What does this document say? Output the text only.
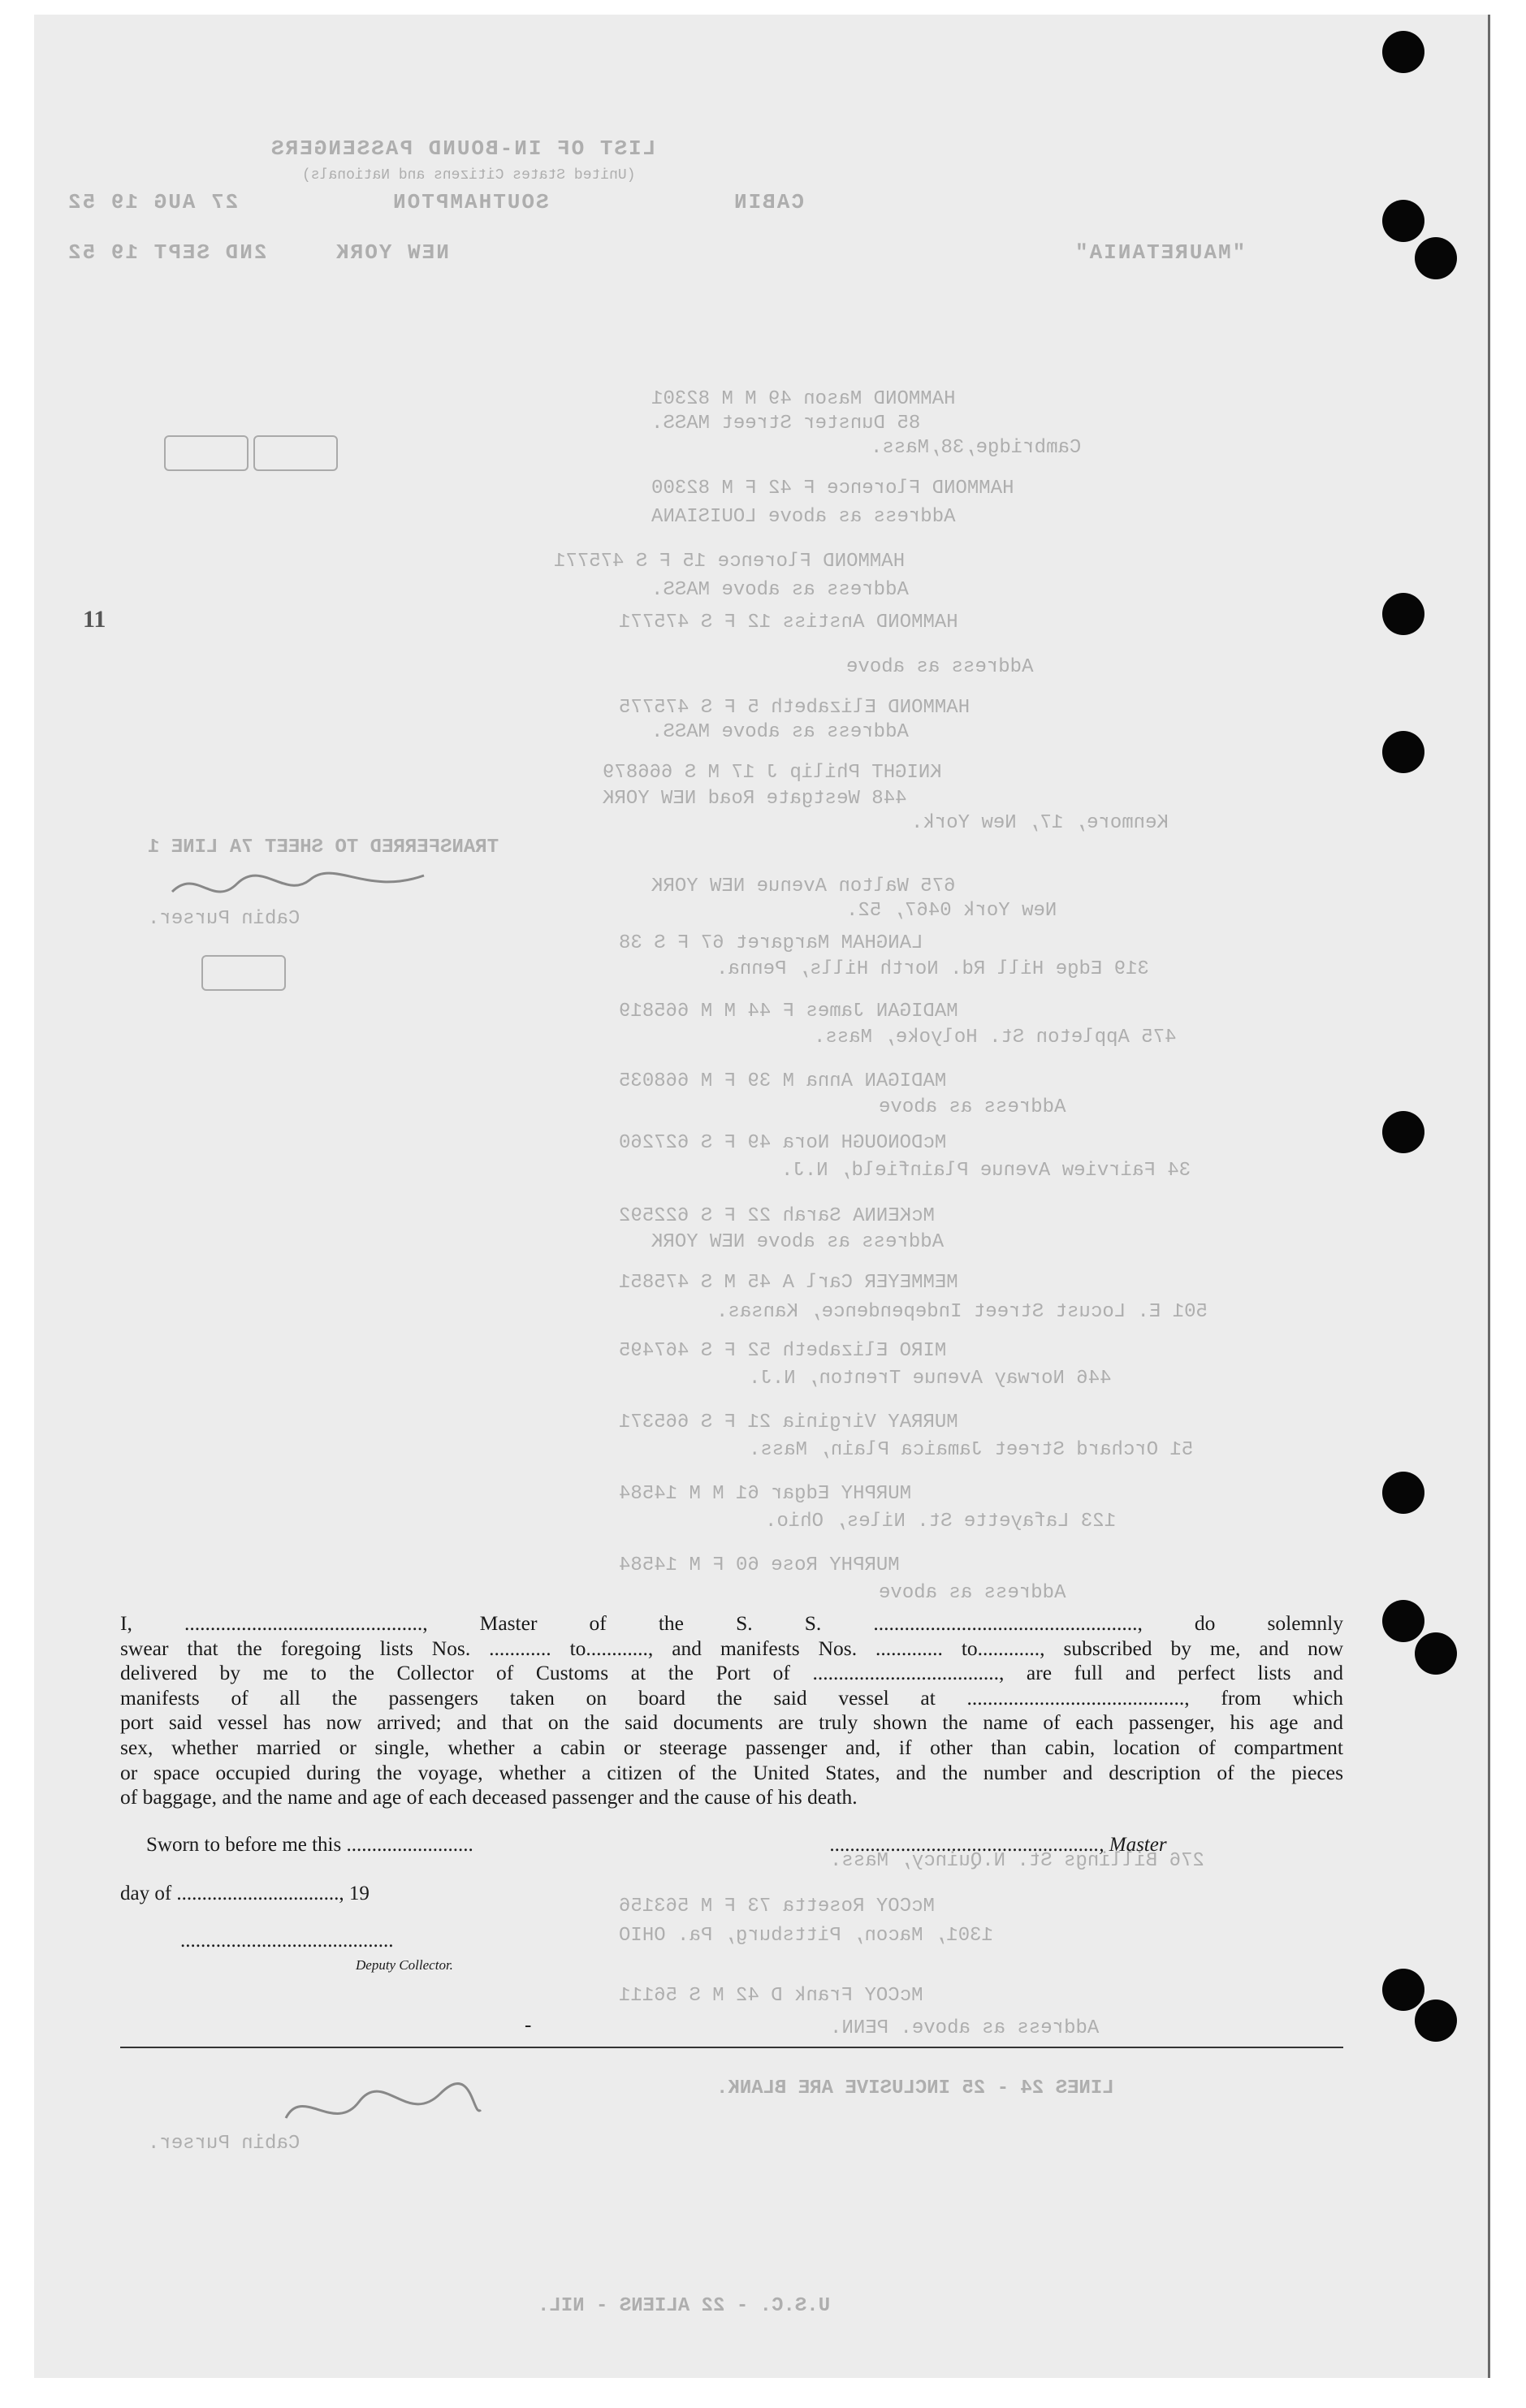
LIST OF IN-BOUND PASSENGERS
(United States Citizens and Nationals)
CABIN
SOUTHAMPTON
27 AUG 19 52
NEW YORK
2ND SEPT 19 52	"MAURETANIA"
HAMMOND Mason 49 M M 82301
85 Dunster Street MASS.
Cambridge,38,Mass.
HAMMOND Florence F 42 F M 82300
Address as above LOUISIANA
HAMMOND Florence 15 F S 475771
Address as above MASS.
HAMMOND Anstiss 12 F S 475771
Address as above
HAMMOND Elizabeth 5 F S 475775
Address as above MASS.
KNIGHT Philip J 17 M S 666879
448 Westgate Road NEW YORK
Kenmore, 17, New York.
TRANSFERRED TO SHEET 7A LINE 1
675 Walton Avenue NEW YORK
New York 0467, 52.
LANGHAM Margaret 67 F S 38
319 Edge Hill Rd. North Hills, Penna.
MADIGAN James F 44 M M 665819
475 Appleton St. Holyoke, Mass.
MADIGAN Anna M 39 F M 668035
Address as above
McDONOUGH Nora 49 F S 627260
34 Fairview Avenue Plainfield, N.J.
McKENNA Sarah 22 F S 622592
Address as above NEW YORK
MEMMEYER Carl A 45 M S 475851
501 E. Locust Street Independence, Kansas.
MIRO Elizabeth 52 F S 467495
446 Norway Avenue Trenton, N.J.
MURRAY Virginia 21 F S 665371
51 Orchard Street Jamaica Plain, Mass.
MURPHY Edgar 61 M M 14584
123 Lafayette St. Niles, Ohio.
MURPHY Rose 60 F M 14584
Address as above
276 Billings St. N.Quincy, Mass.
McCOY Rosetta 73 F M 563156
1301, Macon, Pittsburg, Pa. OHIO
McCOY Frank D 42 M S 56111
Address as above. PENN.
LINES 24 - 25 INCLUSIVE ARE BLANK.
U.S.C. - 22 ALIENS - NIL.
Cabin Purser.
Cabin Purser.
11

I, .............................................., Master of the S. S. ..................................................., do solemnly

swear that the foregoing lists Nos. ............ to............, and manifests Nos. ............. to............, subscribed by me, and now

delivered by me to the Collector of Customs at the Port of ...................................., are full and perfect lists and

manifests of all the passengers taken on board the said vessel at .........................................., from which

port said vessel has now arrived; and that on the said documents are truly shown the name of each passenger, his age and

sex, whether married or single, whether a cabin or steerage passenger and, if other than cabin, location of compartment

or space occupied during the voyage, whether a citizen of the United States, and the number and description of the pieces

of baggage, and the name and age of each deceased passenger and the cause of his death.

Sworn to before me this .........................	....................................................., Master
day of ................................, 19
..........................................
Deputy Collector.
-
